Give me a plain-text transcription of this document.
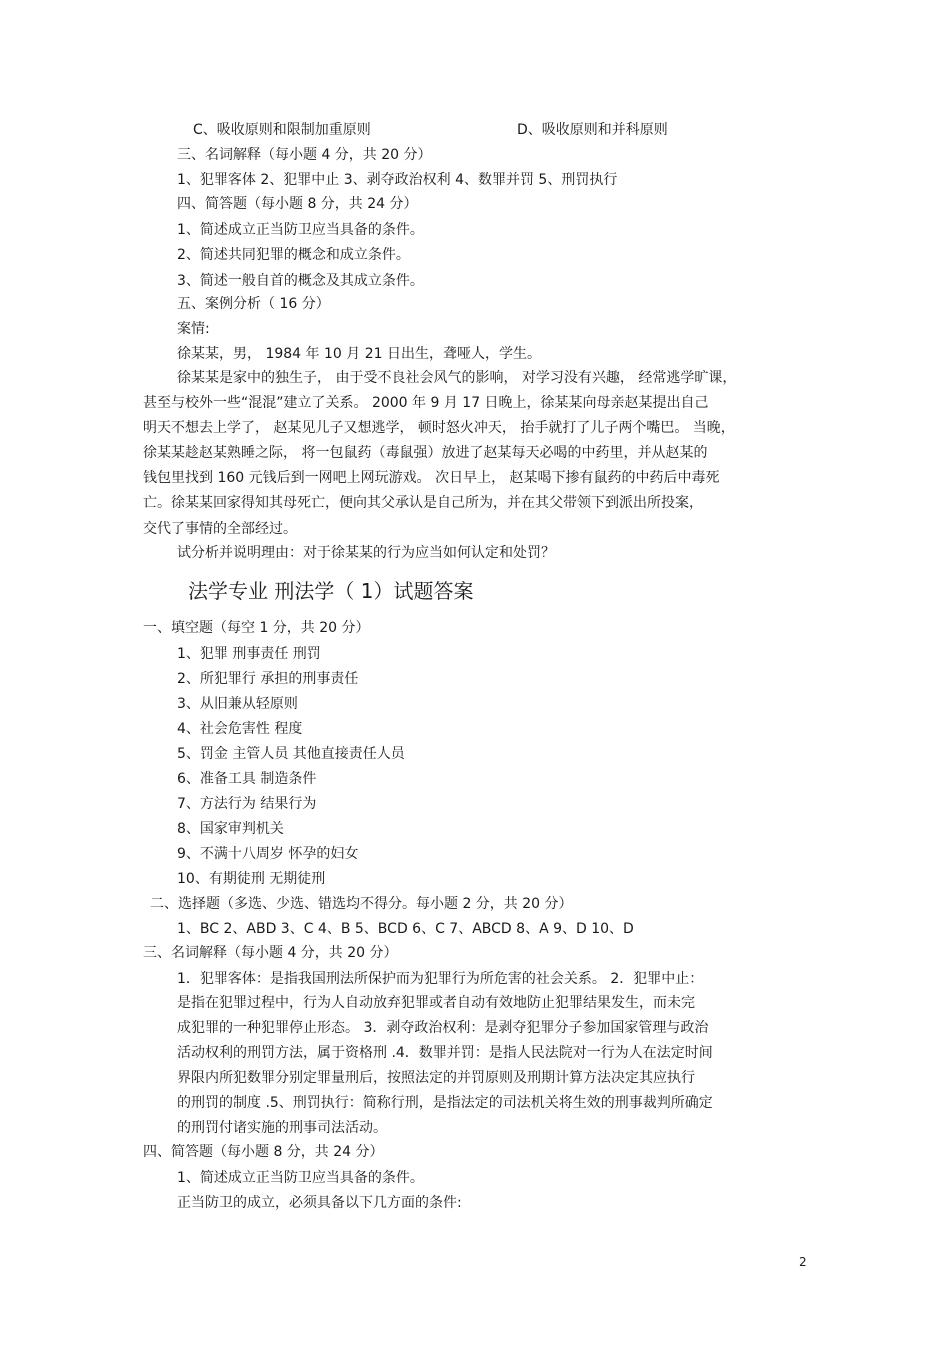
C、吸收原则和限制加重原则	D、吸收原则和并科原则
三、名词解释（每小题 4 分，共 20 分）
1、犯罪客体 2、犯罪中止 3、剥夺政治权利 4、数罪并罚 5、刑罚执行
四、简答题（每小题 8 分，共 24 分）
1、简述成立正当防卫应当具备的条件。
2、简述共同犯罪的概念和成立条件。
3、简述一般自首的概念及其成立条件。
五、案例分析（ 16 分）
案情:
徐某某，男， 1984 年 10 月 21 日出生，聋哑人，学生。
徐某某是家中的独生子， 由于受不良社会风气的影响， 对学习没有兴趣， 经常逃学旷课，
甚至与校外一些“混混”建立了关系。 2000 年 9 月 17 日晚上，徐某某向母亲赵某提出自己
明天不想去上学了， 赵某见儿子又想逃学， 顿时怒火冲天， 抬手就打了儿子两个嘴巴。 当晚，
徐某某趁赵某熟睡之际， 将一包鼠药（毒鼠强）放进了赵某每天必喝的中药里，并从赵某的
钱包里找到 160 元钱后到一网吧上网玩游戏。 次日早上， 赵某喝下掺有鼠药的中药后中毒死
亡。徐某某回家得知其母死亡，便向其父承认是自己所为，并在其父带领下到派出所投案，
交代了事情的全部经过。
试分析并说明理由：对于徐某某的行为应当如何认定和处罚？
法学专业 刑法学（ 1）试题答案
一、填空题（每空 1 分，共 20 分）
1、犯罪 刑事责任 刑罚
2、所犯罪行 承担的刑事责任
3、从旧兼从轻原则
4、社会危害性 程度
5、罚金 主管人员 其他直接责任人员
6、准备工具 制造条件
7、方法行为 结果行为
8、国家审判机关
9、不满十八周岁 怀孕的妇女
10、有期徒刑 无期徒刑
二、选择题（多选、少选、错选均不得分。每小题 2 分，共 20 分）
1、BC 2、ABD 3、C 4、B 5、BCD 6、C 7、ABCD 8、A 9、D 10、D
三、名词解释（每小题 4 分，共 20 分）
1．犯罪客体：是指我国刑法所保护而为犯罪行为所危害的社会关系。 2．犯罪中止：
是指在犯罪过程中，行为人自动放弃犯罪或者自动有效地防止犯罪结果发生，而未完
成犯罪的一种犯罪停止形态。 3．剥夺政治权利：是剥夺犯罪分子参加国家管理与政治
活动权利的刑罚方法，属于资格刑 .4．数罪并罚：是指人民法院对一行为人在法定时间
界限内所犯数罪分别定罪量刑后，按照法定的并罚原则及刑期计算方法决定其应执行
的刑罚的制度 .5、刑罚执行：简称行刑，是指法定的司法机关将生效的刑事裁判所确定
的刑罚付诸实施的刑事司法活动。
四、简答题（每小题 8 分，共 24 分）
1、简述成立正当防卫应当具备的条件。
正当防卫的成立，必须具备以下几方面的条件:
2
